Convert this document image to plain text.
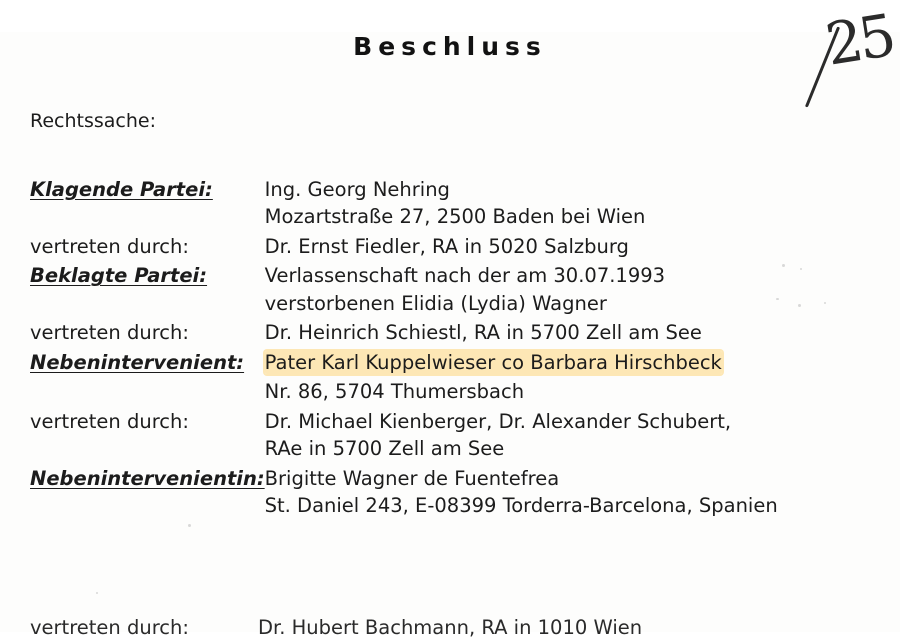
25
Beschluss
Rechtssache:
Klagende Partei:	Ing. Georg Nehring
Mozartstraße 27, 2500 Baden bei Wien

vertreten durch:	Dr. Ernst Fiedler, RA in 5020 Salzburg

Beklagte Partei:	Verlassenschaft nach der am 30.07.1993
verstorbenen Elidia (Lydia) Wagner

vertreten durch:	Dr. Heinrich Schiestl, RA in 5700 Zell am See

Nebenintervenient:	Pater Karl Kuppelwieser co Barbara Hirschbeck
Nr. 86, 5704 Thumersbach

vertreten durch:	Dr. Michael Kienberger, Dr. Alexander Schubert,
RAe in 5700 Zell am See

Nebenintervenientin:	Brigitte Wagner de Fuentefrea
St. Daniel 243, E-08399 Torderra-Barcelona, Spanien
vertreten durch:	Dr. Hubert Bachmann, RA in 1010 Wien
